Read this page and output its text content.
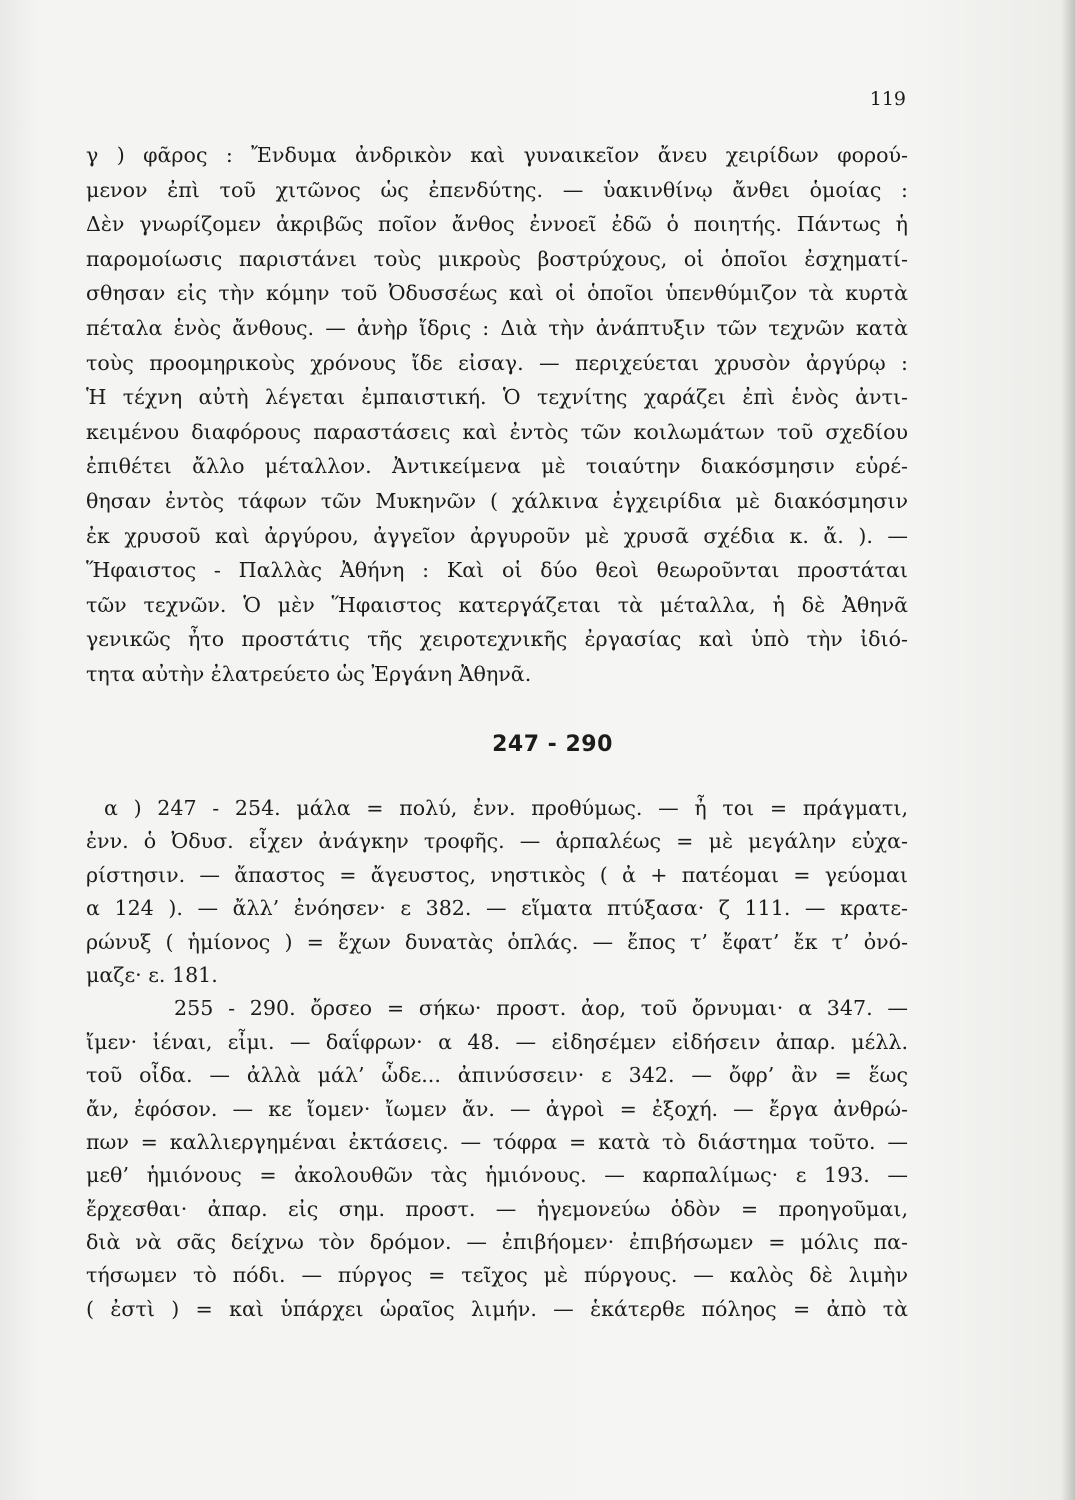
119
γ ) φᾶρος : Ἔνδυμα ἀνδρικὸν καὶ γυναικεῖον ἄνευ χειρίδων φορού-
μενον ἐπὶ τοῦ χιτῶνος ὡς ἐπενδύτης. — ὑακινθίνῳ ἄνθει ὁμοίας :
Δὲν γνωρίζομεν ἀκριβῶς ποῖον ἄνθος ἐννοεῖ ἐδῶ ὁ ποιητής. Πάντως ἡ
παρομοίωσις παριστάνει τοὺς μικροὺς βοστρύχους, οἱ ὁποῖοι ἐσχηματί-
σθησαν εἰς τὴν κόμην τοῦ Ὀδυσσέως καὶ οἱ ὁποῖοι ὑπενθύμιζον τὰ κυρτὰ
πέταλα ἑνὸς ἄνθους. — ἀνὴρ ἴδρις : Διὰ τὴν ἀνάπτυξιν τῶν τεχνῶν κατὰ
τοὺς προομηρικοὺς χρόνους ἴδε εἰσαγ. — περιχεύεται χρυσὸν ἀργύρῳ :
Ἡ τέχνη αὐτὴ λέγεται ἐμπαιστική. Ὁ τεχνίτης χαράζει ἐπὶ ἑνὸς ἀντι-
κειμένου διαφόρους παραστάσεις καὶ ἐντὸς τῶν κοιλωμάτων τοῦ σχεδίου
ἐπιθέτει ἄλλο μέταλλον. Ἀντικείμενα μὲ τοιαύτην διακόσμησιν εὑρέ-
θησαν ἐντὸς τάφων τῶν Μυκηνῶν ( χάλκινα ἐγχειρίδια μὲ διακόσμησιν
ἐκ χρυσοῦ καὶ ἀργύρου, ἀγγεῖον ἀργυροῦν μὲ χρυσᾶ σχέδια κ. ἄ. ). —
Ἥφαιστος - Παλλὰς Ἀθήνη : Καὶ οἱ δύο θεοὶ θεωροῦνται προστάται
τῶν τεχνῶν. Ὁ μὲν Ἥφαιστος κατεργάζεται τὰ μέταλλα, ἡ δὲ Ἀθηνᾶ
γενικῶς ἦτο προστάτις τῆς χειροτεχνικῆς ἐργασίας καὶ ὑπὸ τὴν ἰδιό-
τητα αὐτὴν ἐλατρεύετο ὡς Ἐργάνη Ἀθηνᾶ.
247 - 290
α ) 247 - 254. μάλα = πολύ, ἐνν. προθύμως. — ἦ τοι = πράγματι,
ἐνν. ὁ Ὀδυσ. εἶχεν ἀνάγκην τροφῆς. — ἁρπαλέως = μὲ μεγάλην εὐχα-
ρίστησιν. — ἄπαστος = ἄγευστος, νηστικὸς ( ἀ + πατέομαι = γεύομαι
α 124 ). — ἄλλ’ ἐνόησεν· ε 382. — εἵματα πτύξασα· ζ 111. — κρατε-
ρώνυξ ( ἡμίονος ) = ἔχων δυνατὰς ὁπλάς. — ἔπος τ’ ἔφατ’ ἔκ τ’ ὀνό-
μαζε· ε. 181.
255 - 290. ὄρσεο = σήκω· προστ. ἀορ, τοῦ ὄρνυμαι· α 347. —
ἴμεν· ἰέναι, εἶμι. — δαΐφρων· α 48. — εἰδησέμεν εἰδήσειν ἀπαρ. μέλλ.
τοῦ οἶδα. — ἀλλὰ μάλ’ ὧδε... ἀπινύσσειν· ε 342. — ὄφρ’ ἂν = ἕως
ἄν, ἐφόσον. — κε ἴομεν· ἴωμεν ἄν. — ἀγροὶ = ἐξοχή. — ἔργα ἀνθρώ-
πων = καλλιεργημέναι ἐκτάσεις. — τόφρα = κατὰ τὸ διάστημα τοῦτο. —
μεθ’ ἡμιόνους = ἀκολουθῶν τὰς ἡμιόνους. — καρπαλίμως· ε 193. —
ἔρχεσθαι· ἀπαρ. εἰς σημ. προστ. — ἡγεμονεύω ὁδὸν = προηγοῦμαι,
διὰ νὰ σᾶς δείχνω τὸν δρόμον. — ἐπιβήομεν· ἐπιβήσωμεν = μόλις πα-
τήσωμεν τὸ πόδι. — πύργος = τεῖχος μὲ πύργους. — καλὸς δὲ λιμὴν
( ἐστὶ ) = καὶ ὑπάρχει ὡραῖος λιμήν. — ἑκάτερθε πόληος = ἀπὸ τὰ
